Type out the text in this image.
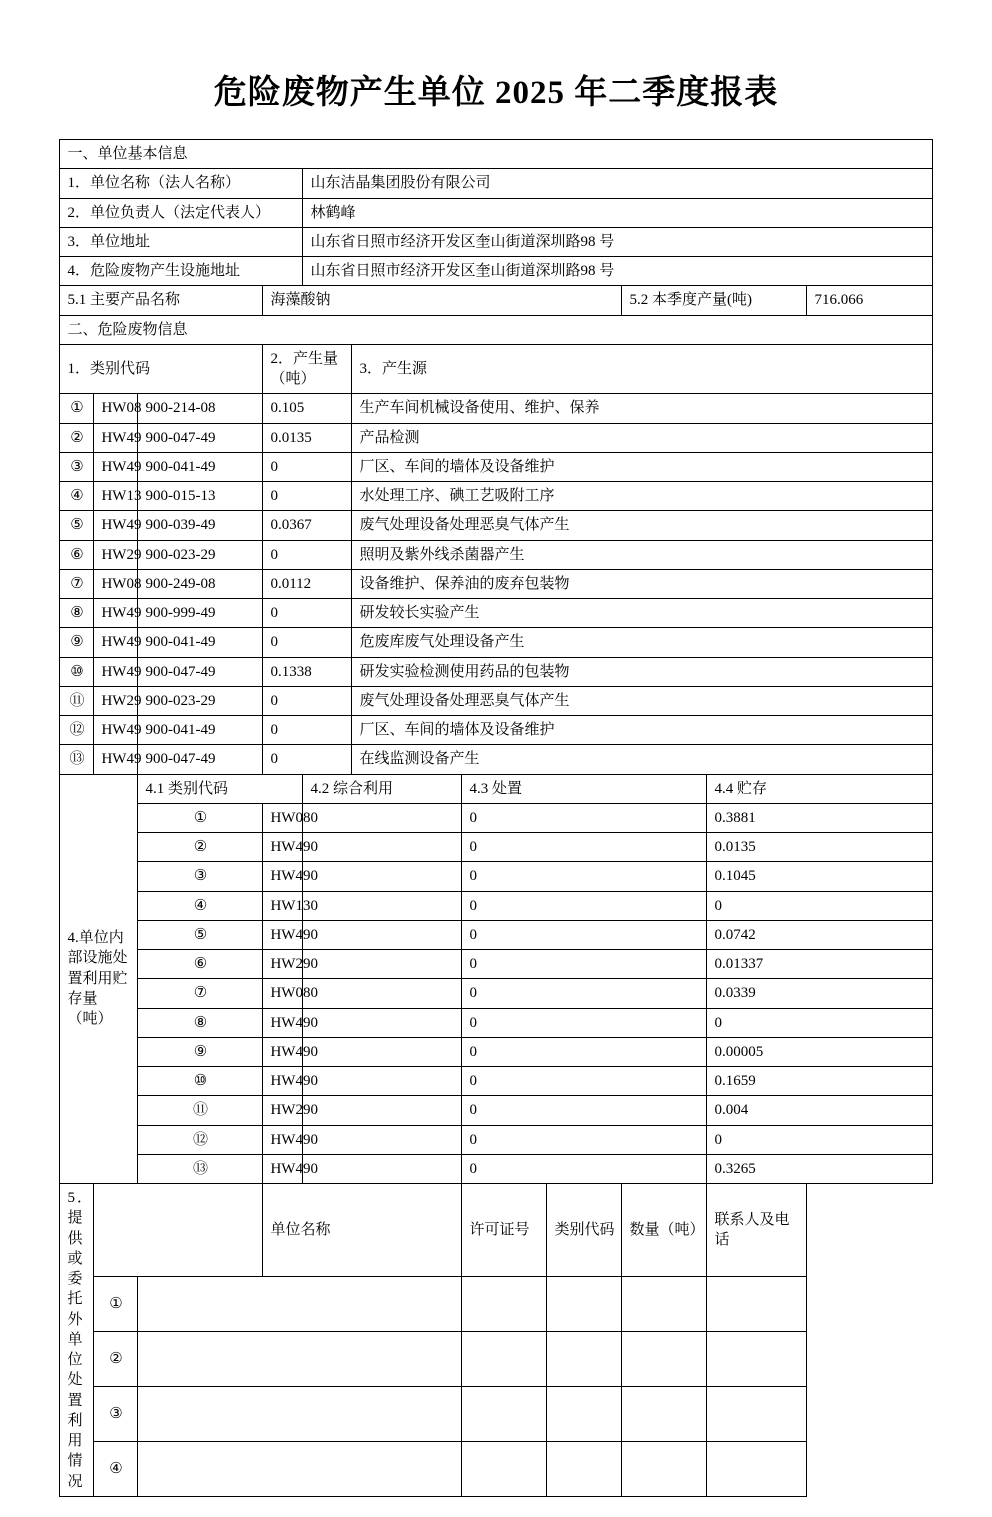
危险废物产生单位 2025 年二季度报表
一、单位基本信息										
1．单位名称（法人名称）				山东洁晶集团股份有限公司						
2．单位负责人（法定代表人）				林鹤峰						
3．单位地址				山东省日照市经济开发区奎山街道深圳路98 号						
4．危险废物产生设施地址				山东省日照市经济开发区奎山街道深圳路98 号						
5.1 主要产品名称			海藻酸钠					5.2 本季度产量(吨)		716.066
二、危险废物信息										
1．类别代码			2．产生量（吨）		3．产生源					
①	HW08	900-214-08	0.105		生产车间机械设备使用、维护、保养					
②	HW49	900-047-49	0.0135		产品检测					
③	HW49	900-041-49	0		厂区、车间的墙体及设备维护					
④	HW13	900-015-13	0		水处理工序、碘工艺吸附工序					
⑤	HW49	900-039-49	0.0367		废气处理设备处理恶臭气体产生					
⑥	HW29	900-023-29	0		照明及紫外线杀菌器产生					
⑦	HW08	900-249-08	0.0112		设备维护、保养油的废弃包装物					
⑧	HW49	900-999-49	0		研发较长实验产生					
⑨	HW49	900-041-49	0		危废库废气处理设备产生					
⑩	HW49	900-047-49	0.1338		研发实验检测使用药品的包装物					
⑪	HW29	900-023-29	0		废气处理设备处理恶臭气体产生					
⑫	HW49	900-041-49	0		厂区、车间的墙体及设备维护					
⑬	HW49	900-047-49	0		在线监测设备产生					
4.单位内部设施处置利用贮存量（吨）		4.1 类别代码		4.2 综合利用		4.3 处置			4.4 贮存	
		①	HW08	0		0			0.3881	
		②	HW49	0		0			0.0135	
		③	HW49	0		0			0.1045	
		④	HW13	0		0			0	
		⑤	HW49	0		0			0.0742	
		⑥	HW29	0		0			0.01337	
		⑦	HW08	0		0			0.0339	
		⑧	HW49	0		0			0	
		⑨	HW49	0		0			0.00005	
		⑩	HW49	0		0			0.1659	
		⑪	HW29	0		0			0.004	
		⑫	HW49	0		0			0	
		⑬	HW49	0		0			0.3265	
5．提供或委托外单位处置利用情况			单位名称			许可证号	类别代码	数量（吨）	联系人及电话	
	①									
	②									
	③									
	④									
